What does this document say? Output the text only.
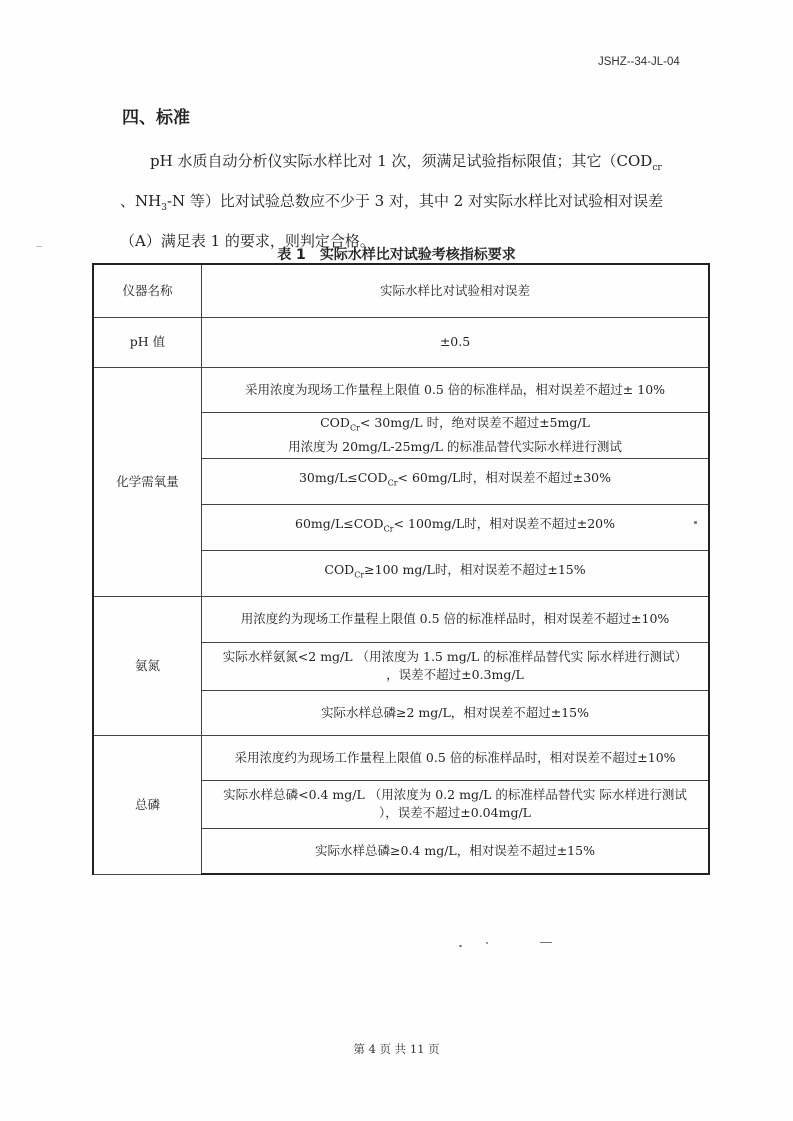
JSHZ--34-JL-04
四、标准
pH 水质自动分析仪实际水样比对 1 次，须满足试验指标限值；其它（$COD_{cr}$
、$NH_3-N$ 等）比对试验总数应不少于 3 对，其中 2 对实际水样比对试验相对误差（A）满足表 1 的要求，则判定合格。
表 1 实际水样比对试验考核指标要求
仪器名称	实际水样比对试验相对误差
pH 值	±0.5
化学需氧量	采用浓度为现场工作量程上限值 0.5 倍的标准样品，相对误差不超过± 10%

	$COD_{Cr}< 30mg/L$ 时，绝对误差不超过±5mg/L
用浓度为 20mg/L-25mg/L 的标准品替代实际水样进行测试

	$30mg/L\le COD_{Cr}< 60mg/L$时，相对误差不超过±30%
	$60mg/L\le COD_{Cr}< 100mg/L$时，相对误差不超过±20%
	$COD_{Cr}\ge 100$ mg/L时，相对误差不超过±15%
氨氮	用浓度约为现场工作量程上限值 0.5 倍的标准样品时，相对误差不超过±10%

	实际水样氨氮<2 mg/L （用浓度为 1.5 mg/L 的标准样品替代实 际水样进行测试）
，误差不超过±0.3mg/L

	实际水样总磷≥2 mg/L，相对误差不超过±15%
总磷	采用浓度约为现场工作量程上限值 0.5 倍的标准样品时，相对误差不超过±10%

	实际水样总磷<0.4 mg/L （用浓度为 0.2 mg/L 的标准样品替代实 际水样进行测试
），误差不超过±0.04mg/L

	实际水样总磷≥0.4 mg/L，相对误差不超过±15%
第 4 页 共 11 页
